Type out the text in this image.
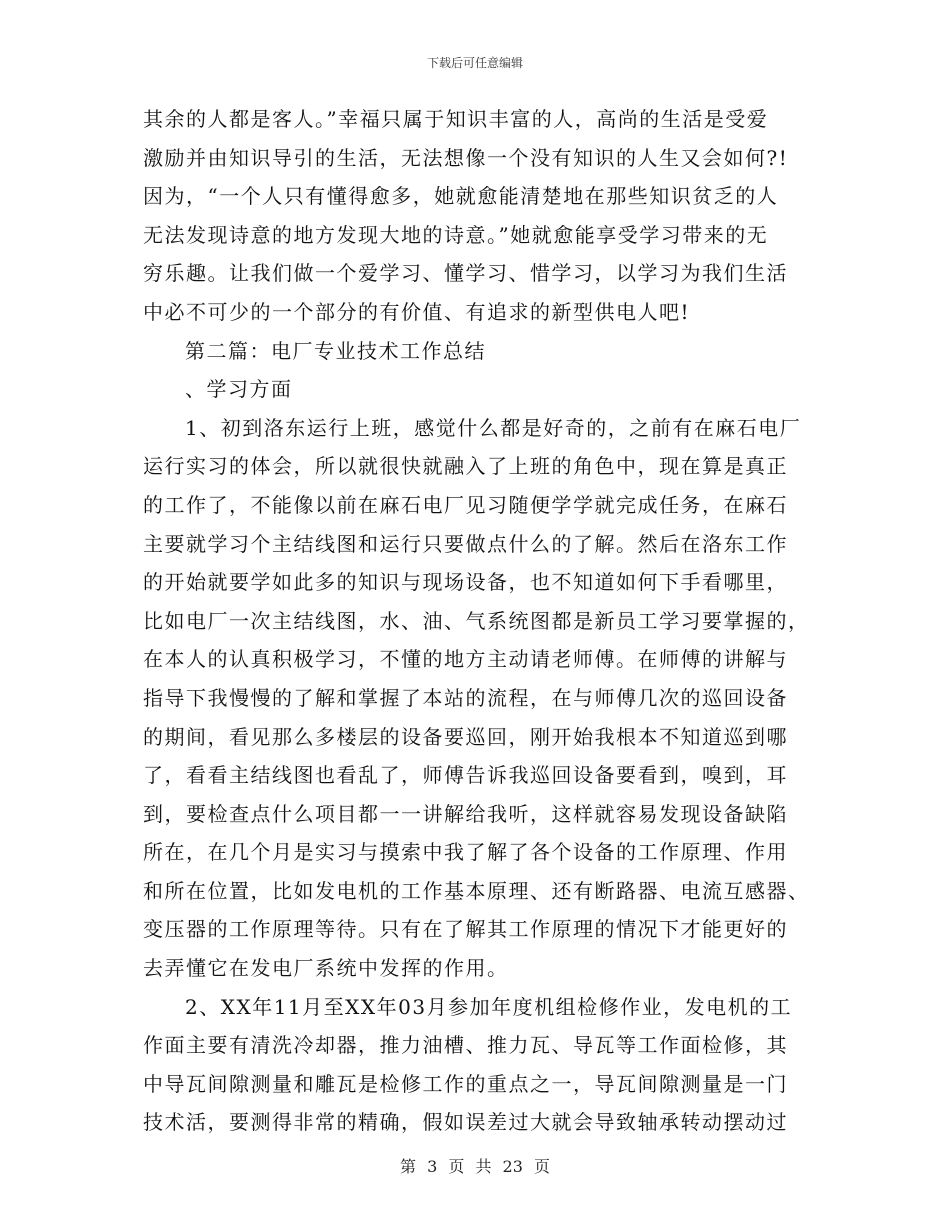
下载后可任意编辑
其余的人都是客人。”幸福只属于知识丰富的人，高尚的生活是受爱
激励并由知识导引的生活，无法想像一个没有知识的人生又会如何?!
因为，“一个人只有懂得愈多，她就愈能清楚地在那些知识贫乏的人
无法发现诗意的地方发现大地的诗意。”她就愈能享受学习带来的无
穷乐趣。让我们做一个爱学习、懂学习、惜学习，以学习为我们生活
中必不可少的一个部分的有价值、有追求的新型供电人吧!
第二篇：电厂专业技术工作总结
、学习方面
1、初到洛东运行上班，感觉什么都是好奇的，之前有在麻石电厂
运行实习的体会，所以就很快就融入了上班的角色中，现在算是真正
的工作了，不能像以前在麻石电厂见习随便学学就完成任务，在麻石
主要就学习个主结线图和运行只要做点什么的了解。然后在洛东工作
的开始就要学如此多的知识与现场设备，也不知道如何下手看哪里，
比如电厂一次主结线图，水、油、气系统图都是新员工学习要掌握的，
在本人的认真积极学习，不懂的地方主动请老师傅。在师傅的讲解与
指导下我慢慢的了解和掌握了本站的流程，在与师傅几次的巡回设备
的期间，看见那么多楼层的设备要巡回，刚开始我根本不知道巡到哪
了，看看主结线图也看乱了，师傅告诉我巡回设备要看到，嗅到，耳
到，要检查点什么项目都一一讲解给我听，这样就容易发现设备缺陷
所在，在几个月是实习与摸索中我了解了各个设备的工作原理、作用
和所在位置，比如发电机的工作基本原理、还有断路器、电流互感器、
变压器的工作原理等待。只有在了解其工作原理的情况下才能更好的
去弄懂它在发电厂系统中发挥的作用。
2、XX年11月至XX年03月参加年度机组检修作业，发电机的工
作面主要有清洗冷却器，推力油槽、推力瓦、导瓦等工作面检修，其
中导瓦间隙测量和雕瓦是检修工作的重点之一，导瓦间隙测量是一门
技术活，要测得非常的精确，假如误差过大就会导致轴承转动摆动过
第 3 页 共 23 页
